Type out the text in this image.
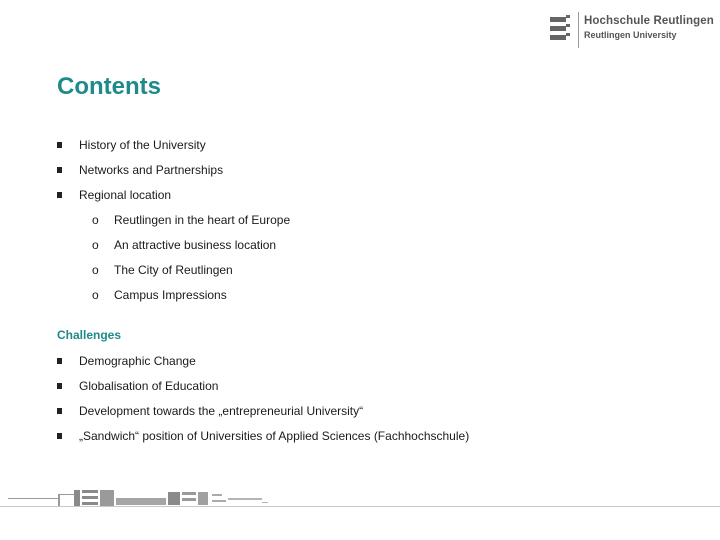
Hochschule Reutlingen
Reutlingen University
Contents
History of the University
Networks and Partnerships
Regional location
o Reutlingen in the heart of Europe
o An attractive business location
o The City of Reutlingen
o Campus Impressions
Challenges
Demographic Change
Globalisation of Education
Development towards the „entrepreneurial University“
„Sandwich“ position of Universities of Applied Sciences (Fachhochschule)
